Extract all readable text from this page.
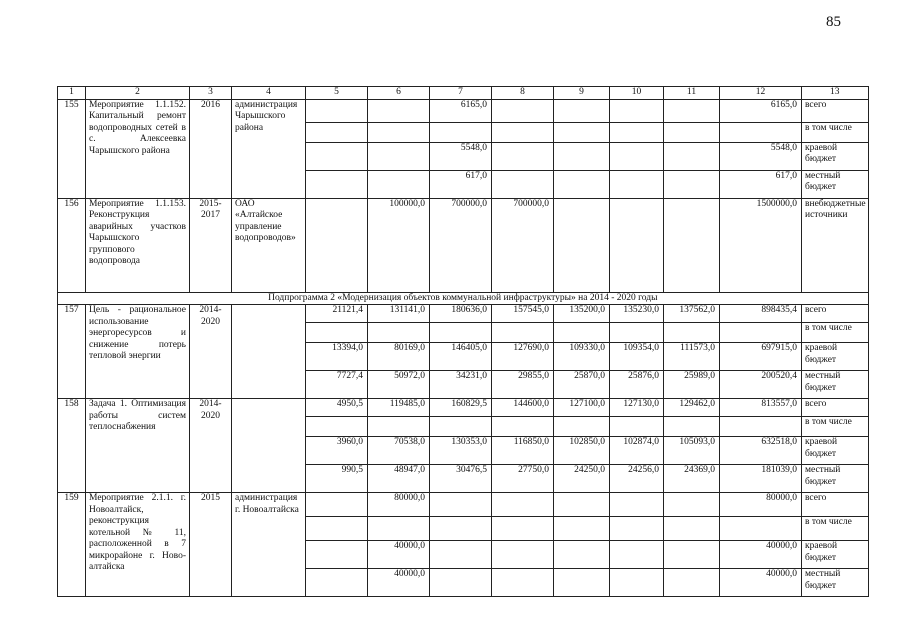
85
1	2	3	4	5	6	7	8	9	10	11	12	13
155	Мероприятие 1.1.152. Капитальный ремонт водопроводных сетей в с. Алексеевка Чарышского района	2016	администрация Чарышского района			6165,0					6165,0	всего
												в том числе
						5548,0					5548,0	краевой бюджет
						617,0					617,0	местный бюджет
156	Мероприятие 1.1.153. Реконструкция аварийных участков Чарышского группового водопровода	2015-2017	ОАО «Алтайское управление водопроводов»		100000,0	700000,0	700000,0				1500000,0	внебюджетные источники
Подпрограмма 2 «Модернизация объектов коммунальной инфраструктуры» на 2014 - 2020 годы												
157	Цель - рациональное использование энергоресурсов и снижение потерь тепловой энергии	2014-2020		21121,4	131141,0	180636,0	157545,0	135200,0	135230,0	137562,0	898435,4	всего
												в том числе
				13394,0	80169,0	146405,0	127690,0	109330,0	109354,0	111573,0	697915,0	краевой бюджет
				7727,4	50972,0	34231,0	29855,0	25870,0	25876,0	25989,0	200520,4	местный бюджет
158	Задача 1. Оптимизация работы систем теплоснабжения	2014-2020		4950,5	119485,0	160829,5	144600,0	127100,0	127130,0	129462,0	813557,0	всего
												в том числе
				3960,0	70538,0	130353,0	116850,0	102850,0	102874,0	105093,0	632518,0	краевой бюджет
				990,5	48947,0	30476,5	27750,0	24250,0	24256,0	24369,0	181039,0	местный бюджет
159	Мероприятие 2.1.1. г. Новоалтайск, реконструкция котельной № 11, расположенной в 7 микрорайоне г. Ново-алтайска	2015	администрация г. Новоалтайска		80000,0						80000,0	всего
												в том числе
					40000,0						40000,0	краевой бюджет
					40000,0						40000,0	местный бюджет
